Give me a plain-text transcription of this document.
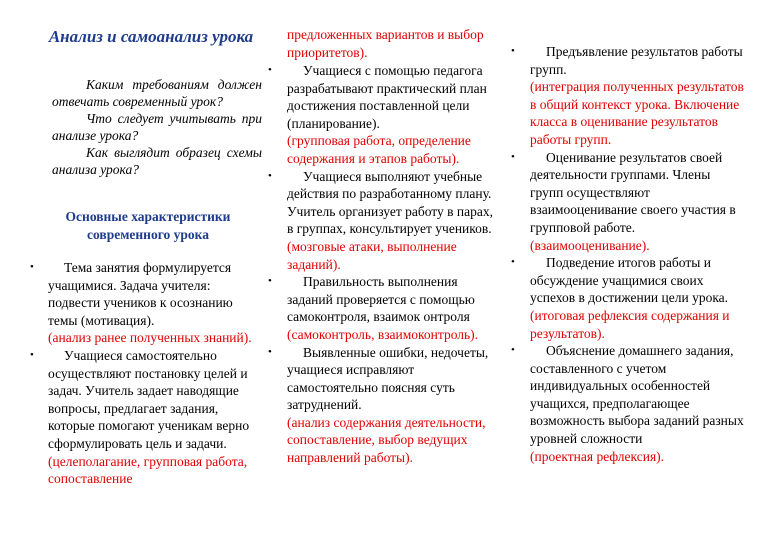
Анализ и самоанализ урока

Каким требованиям должен отвечать современный урок?

Что следует учитывать при анализе урока?

Как выглядит образец схемы анализа урока?

Основные характеристики современного урока
• Тема занятия формулируется учащимися. Задача учителя: подвести учеников к осознанию темы (мотивация).
(анализ ранее полученных знаний).
• Учащиеся самостоятельно осуществляют постановку целей и задач. Учитель задает наводящие вопросы, предлагает задания, которые помогают ученикам верно сформулировать цель и задачи.
(целеполагание, групповая работа, сопоставление
предложенных вариантов и выбор приоритетов).
• Учащиеся с помощью педагога разрабатывают практический план достижения поставленной цели (планирование).
(групповая работа, определение содержания и этапов работы).
• Учащиеся выполняют учебные действия по разработанному плану. Учитель организует работу в парах, в группах, консультирует учеников.
(мозговые атаки, выполнение заданий).
• Правильность выполнения заданий проверяется с помощью самоконтроля, взаимок онтроля (самоконтроль, взаимоконтроль).
• Выявленные ошибки, недочеты, учащиеся исправляют самостоятельно поясняя суть затруднений.
(анализ содержания деятельности, сопоставление, выбор ведущих направлений работы).
• Предъявление результатов работы групп.
(интеграция полученных результатов в общий контекст урока. Включение класса в оценивание результатов работы групп.
• Оценивание результатов своей деятельности группами. Члены групп осуществляют взаимооценивание своего участия в групповой работе.
(взаимооценивание).
• Подведение итогов работы и обсуждение учащимися своих успехов в достижении цели урока.
(итоговая рефлексия содержания и результатов).
• Объяснение домашнего задания, составленного с учетом индивидуальных особенностей учащихся, предполагающее возможность выбора заданий разных уровней сложности
(проектная рефлексия).
